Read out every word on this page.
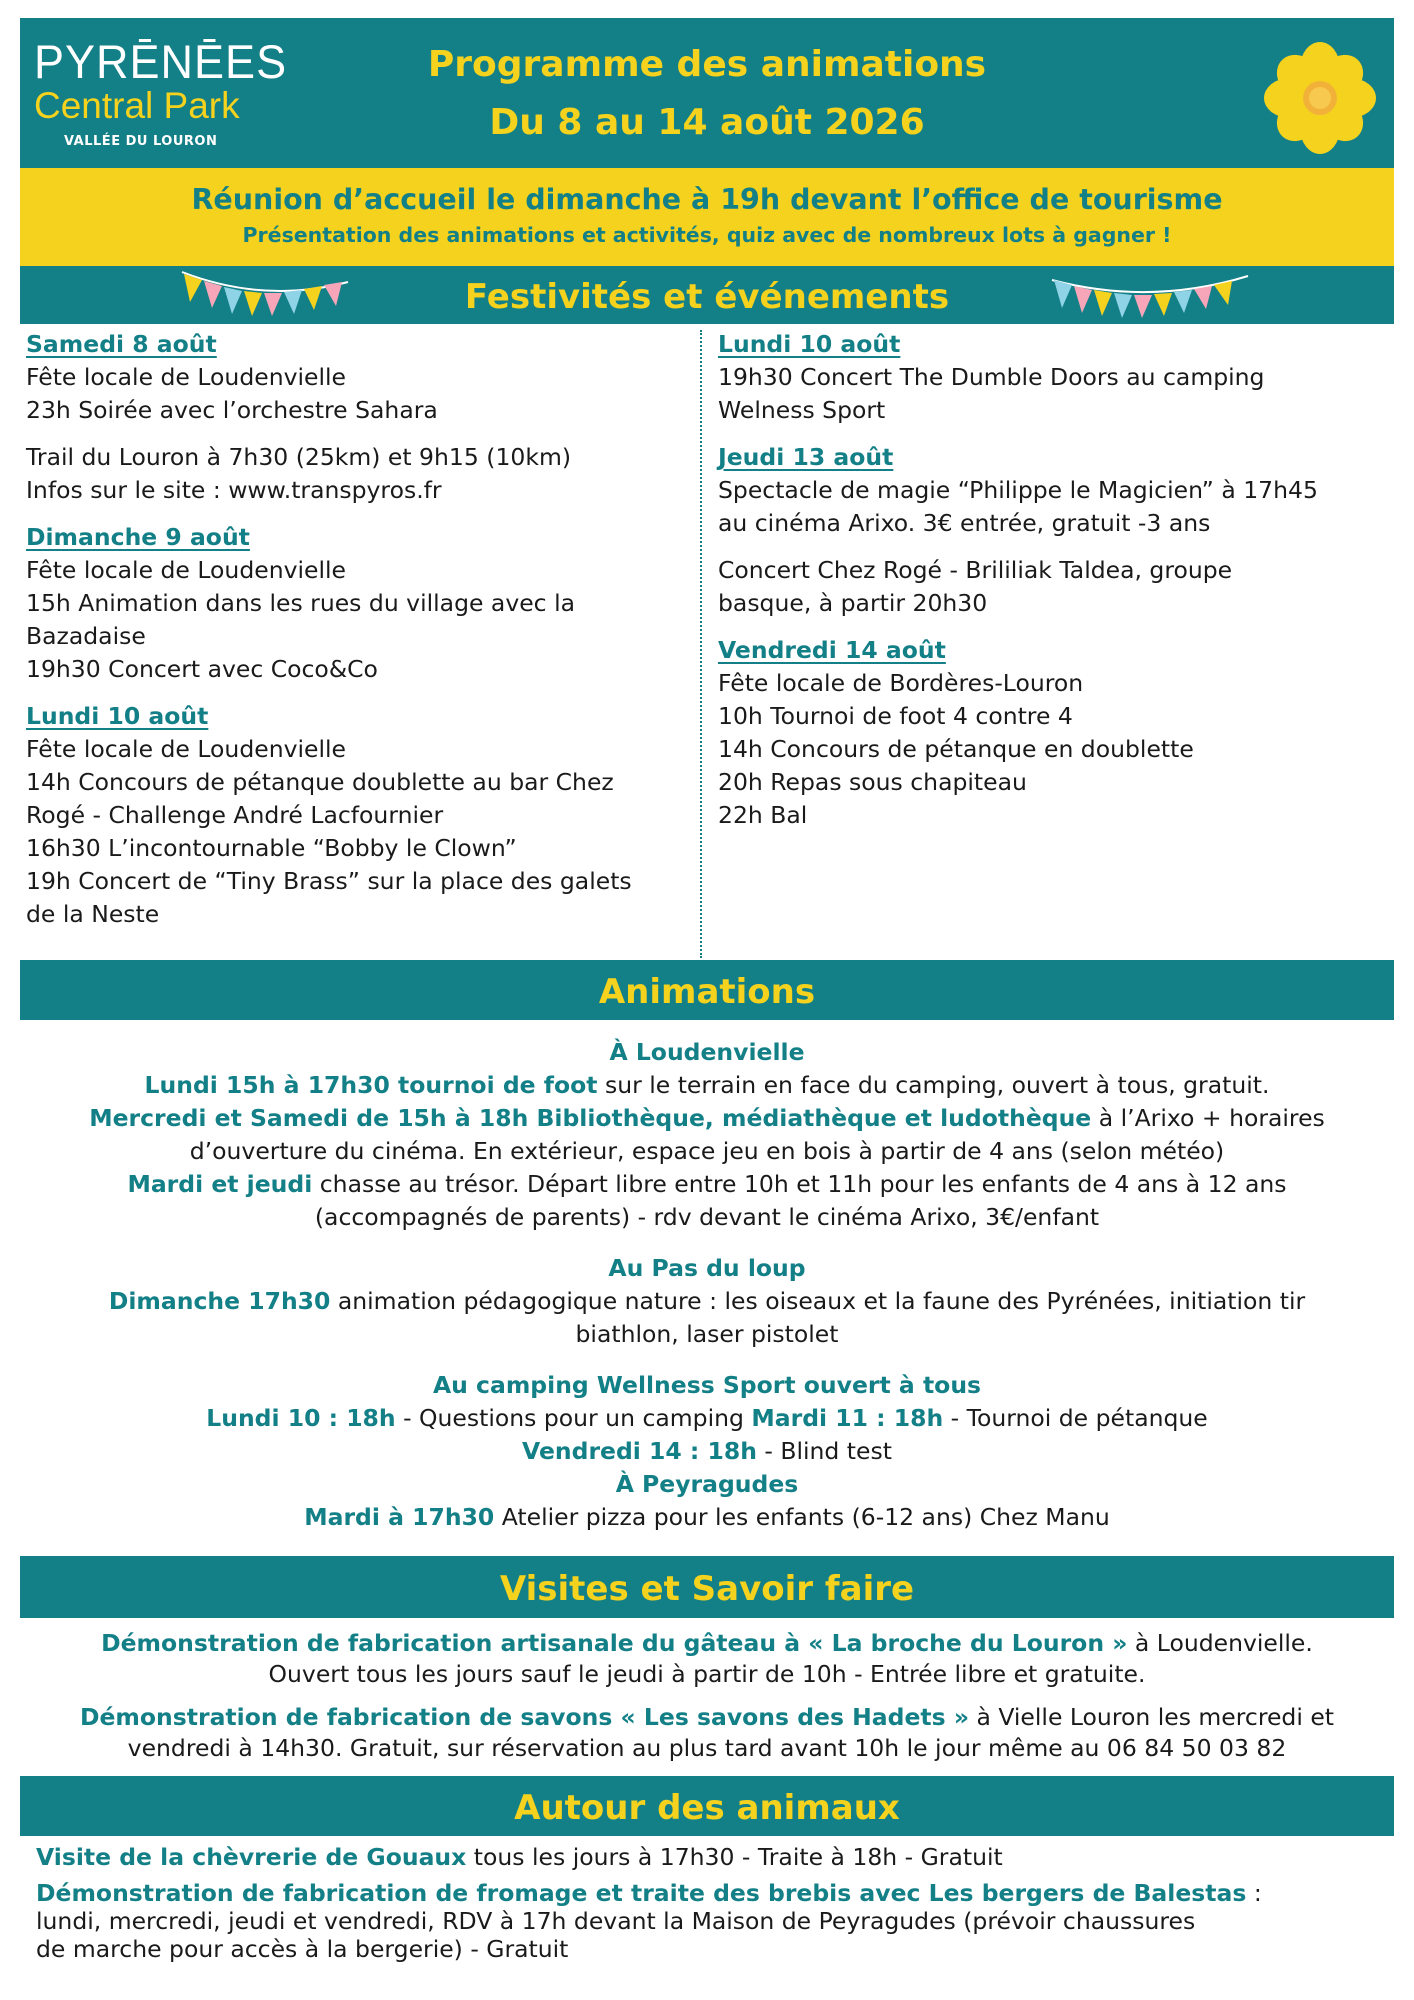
PYRĒNĒES
Central Park
VALLÉE DU LOURON
Programme des animations
Du 8 au 14 août 2026
Réunion d’accueil le dimanche à 19h devant l’office de tourisme
Présentation des animations et activités, quiz avec de nombreux lots à gagner !
Festivités et événements
Samedi 8 août
Fête locale de Loudenvielle
23h Soirée avec l’orchestre Sahara
Trail du Louron à 7h30 (25km) et 9h15 (10km)
Infos sur le site : www.transpyros.fr
Dimanche 9 août
Fête locale de Loudenvielle
15h Animation dans les rues du village avec la
Bazadaise
19h30 Concert avec Coco&Co
Lundi 10 août
Fête locale de Loudenvielle
14h Concours de pétanque doublette au bar Chez
Rogé - Challenge André Lacfournier
16h30 L’incontournable “Bobby le Clown”
19h Concert de “Tiny Brass” sur la place des galets
de la Neste
Lundi 10 août
19h30 Concert The Dumble Doors au camping
Welness Sport
Jeudi 13 août
Spectacle de magie “Philippe le Magicien” à 17h45
au cinéma Arixo. 3€ entrée, gratuit -3 ans
Concert Chez Rogé - Brililiak Taldea, groupe
basque, à partir 20h30
Vendredi 14 août
Fête locale de Bordères-Louron
10h Tournoi de foot 4 contre 4
14h Concours de pétanque en doublette
20h Repas sous chapiteau
22h Bal
Animations
À Loudenvielle
Lundi 15h à 17h30 tournoi de foot sur le terrain en face du camping, ouvert à tous, gratuit.
Mercredi et Samedi de 15h à 18h Bibliothèque, médiathèque et ludothèque à l’Arixo + horaires
d’ouverture du cinéma. En extérieur, espace jeu en bois à partir de 4 ans (selon météo)
Mardi et jeudi chasse au trésor. Départ libre entre 10h et 11h pour les enfants de 4 ans à 12 ans
(accompagnés de parents) - rdv devant le cinéma Arixo, 3€/enfant
Au Pas du loup
Dimanche 17h30 animation pédagogique nature : les oiseaux et la faune des Pyrénées, initiation tir
biathlon, laser pistolet
Au camping Wellness Sport ouvert à tous
Lundi 10 : 18h - Questions pour un camping Mardi 11 : 18h - Tournoi de pétanque
Vendredi 14 : 18h - Blind test
À Peyragudes
Mardi à 17h30 Atelier pizza pour les enfants (6-12 ans) Chez Manu
Visites et Savoir faire
Démonstration de fabrication artisanale du gâteau à « La broche du Louron » à Loudenvielle.
Ouvert tous les jours sauf le jeudi à partir de 10h - Entrée libre et gratuite.
Démonstration de fabrication de savons « Les savons des Hadets » à Vielle Louron les mercredi et
vendredi à 14h30. Gratuit, sur réservation au plus tard avant 10h le jour même au 06 84 50 03 82
Autour des animaux
Visite de la chèvrerie de Gouaux tous les jours à 17h30 - Traite à 18h - Gratuit
Démonstration de fabrication de fromage et traite des brebis avec Les bergers de Balestas :
lundi, mercredi, jeudi et vendredi, RDV à 17h devant la Maison de Peyragudes (prévoir chaussures
de marche pour accès à la bergerie) - Gratuit
